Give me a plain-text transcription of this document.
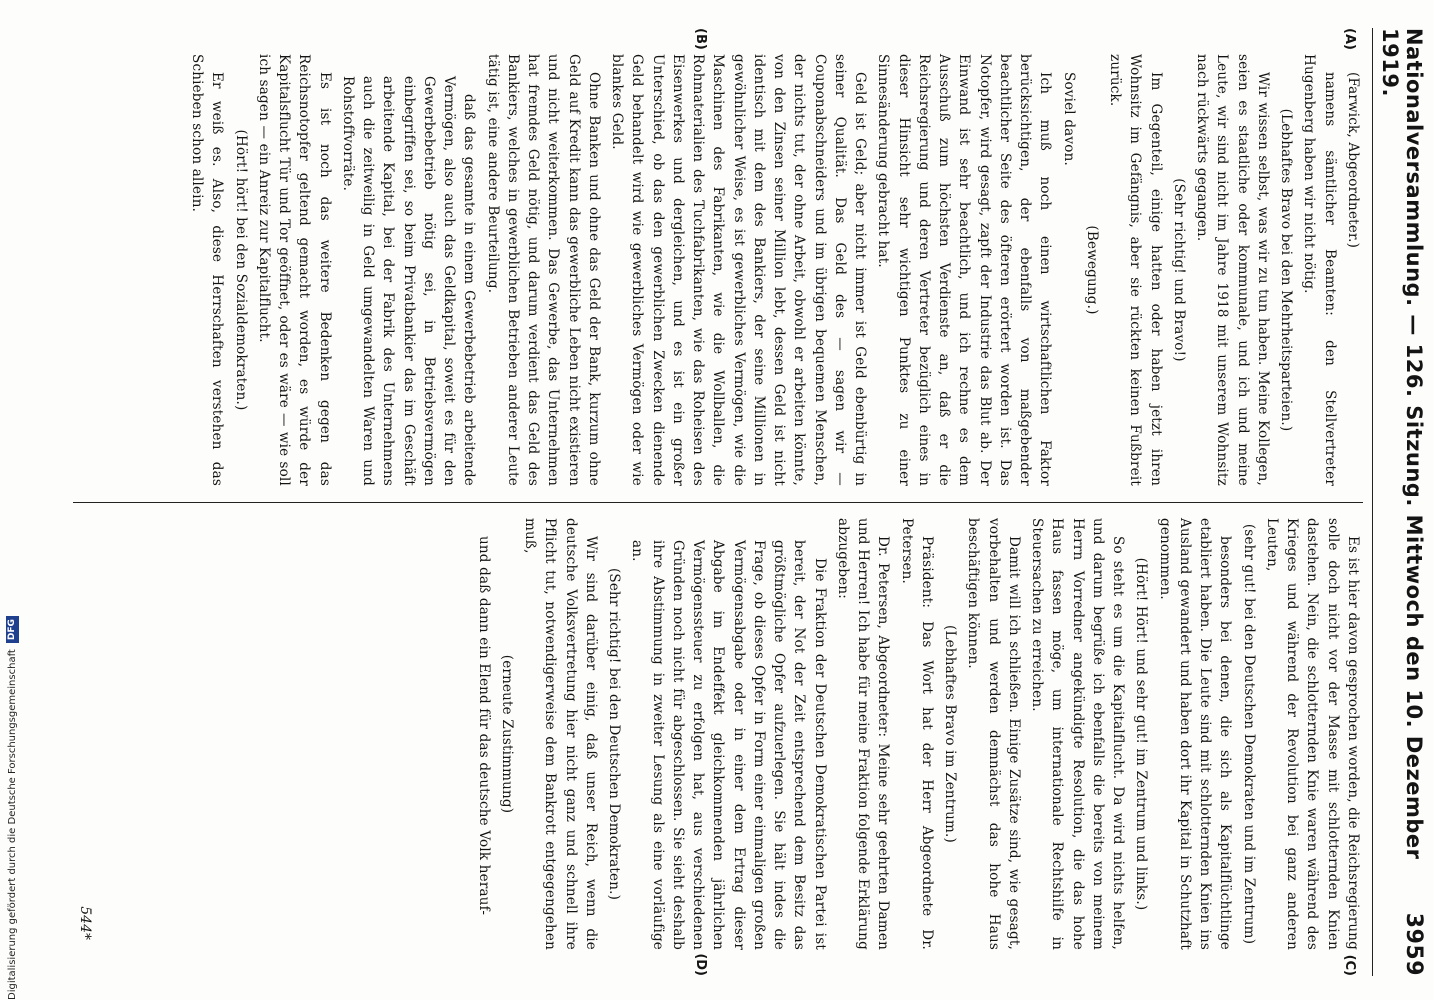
Nationalversammlung. — 126. Sitzung. Mittwoch den 10. Dezember 1919.
3959
(A)
(B)
(C)
(D)

(Farwick, Abgeordneter.)

namens sämtlicher Beamten: den Stellvertreter Hugenberg haben wir nicht nötig.

(Lebhaftes Bravo bei den Mehrheitsparteien.)

Wir wissen selbst, was wir zu tun haben. Meine Kollegen, seien es staatliche oder kommunale, und ich und meine Leute, wir sind nicht im Jahre 1918 mit unserem Wohnsitz nach rückwärts gegangen.

(Sehr richtig! und Bravo!)

Im Gegenteil, einige hatten oder haben jetzt ihren Wohnsitz im Gefängnis, aber sie rückten keinen Fußbreit zurück.

(Bewegung.)

Soviel davon.

Ich muß noch einen wirtschaftlichen Faktor berücksichtigen, der ebenfalls von maßgebender beachtlicher Seite des öfteren erörtert worden ist. Das Notopfer, wird gesagt, zapft der Industrie das Blut ab. Der Einwand ist sehr beachtlich, und ich rechne es dem Ausschuß zum höchsten Verdienste an, daß er die Reichsregierung und deren Vertreter bezüglich eines in dieser Hinsicht sehr wichtigen Punktes zu einer Sinnesänderung gebracht hat.

Geld ist Geld; aber nicht immer ist Geld ebenbürtig in seiner Qualität. Das Geld des — sagen wir — Couponabschneiders und im übrigen bequemen Menschen, der nichts tut, der ohne Arbeit, obwohl er arbeiten könnte, von den Zinsen seiner Million lebt, dessen Geld ist nicht identisch mit dem des Bankiers, der seine Millionen in gewöhnlicher Weise, es ist gewerbliches Vermögen, wie die Maschinen des Fabrikanten, wie die Wollballen, die Rohmaterialien des Tuchfabrikanten, wie das Roheisen des Eisenwerkes und dergleichen, und es ist ein großer Unterschied, ob das den gewerblichen Zwecken dienende Geld behandelt wird wie gewerbliches Vermögen oder wie blankes Geld.

Ohne Banken und ohne das Geld der Bank, kurzum ohne Geld auf Kredit kann das gewerbliche Leben nicht existieren und nicht weiterkommen. Das Gewerbe, das Unternehmen hat fremdes Geld nötig, und darum verdient das Geld des Bankiers, welches in gewerblichen Betrieben anderer Leute tätig ist, eine andere Beurteilung.

daß das gesamte in einem Gewerbebetrieb arbeitende Vermögen, also auch das Geldkapital, soweit es für den Gewerbebetrieb nötig sei, in Betriebsvermögen einbegriffen sei, so beim Privatbankier das im Geschäft arbeitende Kapital, bei der Fabrik des Unternehmens auch die zeitweilig in Geld umgewandelten Waren und Rohstoffvorräte.

Es ist noch das weitere Bedenken gegen das Reichsnotopfer geltend gemacht worden, es würde der Kapitalsflucht Tür und Tor geöffnet, oder es wäre — wie soll ich sagen — ein Anreiz zur Kapitalflucht.

(Hört! hört! bei den Sozialdemokraten.)

Er weiß es. Also, diese Herrschaften verstehen das Schieben schon allein.

Es ist hier davon gesprochen worden, die Reichsregierung solle doch nicht vor der Masse mit schlotternden Knien dastehen. Nein, die schlotternden Knie waren während des Krieges und während der Revolution bei ganz anderen Leuten,

(sehr gut! bei den Deutschen Demokraten und im Zentrum)

besonders bei denen, die sich als Kapitalflüchtlinge etabliert haben. Die Leute sind mit schlotternden Knien ins Ausland gewandert und haben dort ihr Kapital in Schutzhaft genommen.

(Hört! Hört! und sehr gut! im Zentrum und links.)

So steht es um die Kapitalflucht. Da wird nichts helfen, und darum begrüße ich ebenfalls die bereits von meinem Herrn Vorredner angekündigte Resolution, die das hohe Haus fassen möge, um internationale Rechtshilfe in Steuersachen zu erreichen.

Damit will ich schließen. Einige Zusätze sind, wie gesagt, vorbehalten und werden demnächst das hohe Haus beschäftigen können.

(Lebhaftes Bravo im Zentrum.)

Präsident: Das Wort hat der Herr Abgeordnete Dr. Petersen.

Dr. Petersen, Abgeordneter: Meine sehr geehrten Damen und Herren! Ich habe für meine Fraktion folgende Erklärung abzugeben:

Die Fraktion der Deutschen Demokratischen Partei ist bereit, der Not der Zeit entsprechend dem Besitz das größtmögliche Opfer aufzuerlegen. Sie hält indes die Frage, ob dieses Opfer in Form einer einmaligen großen Vermögensabgabe oder in einer dem Ertrag dieser Abgabe im Endeffekt gleichkommenden jährlichen Vermögenssteuer zu erfolgen hat, aus verschiedenen Gründen noch nicht für abgeschlossen. Sie sieht deshalb ihre Abstimmung in zweiter Lesung als eine vorläufige an.

(Sehr richtig! bei den Deutschen Demokraten.)

Wir sind darüber einig, daß unser Reich, wenn die deutsche Volksvertretung hier nicht ganz und schnell ihre Pflicht tut, notwendigerweise dem Bankrott entgegengehen muß,

(erneute Zustimmung)

und daß dann ein Elend für das deutsche Volk herauf-

544*
Digitalisierung gefördert durch die Deutsche Forschungsgemeinschaft
DFG
